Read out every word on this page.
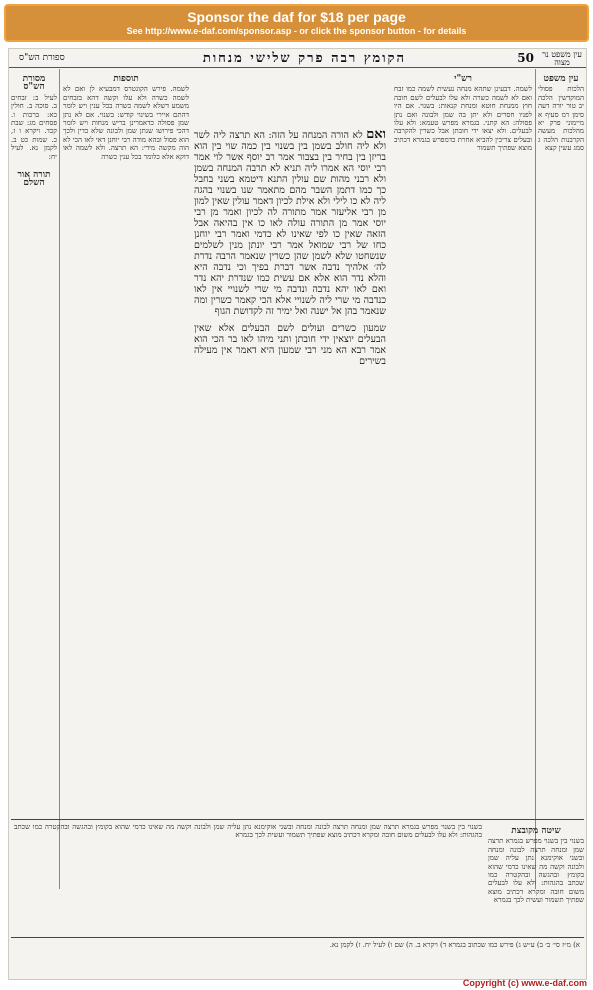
Sponsor the daf for $18 per page
See http://www.e-daf.com/sponsor.asp - or click the sponsor button - for details
50
הקומץ רבה פרק שלישי מנחות
ספורת הש"ס	עין משפט נר מצוה
עין משפט
הלכות פסולי המוקדשין הלכה יב טור יורה דעה סימן רמ סעיף א מיימוני פרק יא מהלכות מעשה הקרבנות הלכה ג סמג עשין קצא
רש"י
לשמה. דבעינן שתהא מנחה נעשית לשמה כמו זבח ואם לא לשמה כשרה ולא עלו לבעלים לשם חובה חוץ ממנחת חוטא ומנחת קנאות: בשנוי. אם היו לפניו חסרים ולא יתן בה שמן ולבונה ואם נתן פסולה: הא קתני. בגמרא מפרש טעמא: ולא עלו לבעלים. ולא יצאו ידי חובתן אבל כשרין להקרבה ובעלים צריכין להביא אחרת כדמפרש בגמרא דכתיב מוצא שפתיך תשמור
ואם לא הורה המנחה על הזה: הא תרצה ליה לשר ולא ליה חולב בשמן בין בשנוי בין כמה שוי בין הוא בריזן בין בחיר בין בצבור אמר רב יוסף אשר לוי אמר רבי יוסי הא אמרו ליה תניא לא תרבה המנחה בשמן ולא רבני מהות שם עולין התנא דיטמא בשני בחבל כך כמו דתמן השבר מהם מתאמר שנו בשנוי בהגה ליה לא כו לילי ולא אילת לכיון דאמר עולין שאין למון מן רבי אליעזר אמר מתורה לה לכיון ואמר מן רבי יוסי אמר מן התורה עולה לאו כו אין בהיאה אבל הזאה שאין כו לפי שאינו לא כדמי ואמר רבי יוחנן כחו של רבי שמואל אמר רבי יונתן מנין לשלמים שנשחטו שלא לשמן שהן כשרין שנאמר הרבה נדרת לה׳ אלהיך נדבה אשר דברת בפיך וכי נדבה היא והלא נדר הוא אלא אם עשית כמו שנדרת יהא נדר ואם לאו יהא נדבה ונדבה מי שרי לשנויי אין לאו כנדבה מי שרי ליה לשנויי אלא הכי קאמר כשרין ומה שנאמר בהן אל ישנה ואל ימיר זה לקדושת הגוף
שמעון כשרים ועולים לשם הבעלים אלא שאין הבעלים יוצאין ידי חובתן ותני מיהו לאו בר הכי הוא אמר רבא הא מני רבי שמעון היא דאמר אין מעילה בשירים
תוספות
לשמה. פירש הקונטרס דמבעיא לן ואם לא לשמה כשרה ולא עלו וקשה דהא בזבחים משמע דשלא לשמה כשרה בכל ענין ויש לומר דהתם איירי בשינוי קודש: בשנוי. אם לא נתן שמן פסולה כדאמרינן בריש מנחות ויש לומר דהכי פירושו שנתן שמן ולבונה שלא כדין ולכך הוא פסול ובהא מודה רבי יוחנן דאי לאו הכי לא הוה מקשה מידי: הא תרצה. ולא לשמה לאו דוקא אלא כלומר בכל ענין כשרה
מסורת הש"ס
לעיל ב: זבחים ב. סוכה ב. חולין כא: ברכות ו. פסחים מג: שבת קכד. ויקרא ו ז, כ. שמות כט ב. לקמן נא. לעיל יח:
תורה אור השלם
שיטה מקובצת
בשנוי בין בשנוי מפרש בגמרא תרצה שמן ומנחה תרצה לבונה ומנחה ובשני אוקימנא נתן עליה שמן ולבונה וקשה מה שאינו כדמי שהוא בקומץ ובהגשה ובהקטרה כמו שכתב בהגהות: ולא עלו לבעלים משום חובה ומקרא דכתיב מוצא שפתיך תשמור ועשית לכך בגמרא
בשנוי בין בשנוי מפרש בגמרא תרצה שמן ומנחה תרצה לבונה ומנחה ובשני אוקימנא נתן עליה שמן ולבונה וקשה מה שאינו כדמי שהוא בקומץ ובהגשה ובהקטרה כמו שכתב בהגהות: ולא עלו לבעלים משום חובה ומקרא דכתיב מוצא שפתיך תשמור ועשית לכך בגמרא
א) מ״ז סי׳ ב׳ ב) ע״ש ג) פירש כמו שכתוב בגמרא ד) ויקרא ב. ה) שם ו) לעיל יח. ז) לקמן נא.
Copyright (c) www.e-daf.com
